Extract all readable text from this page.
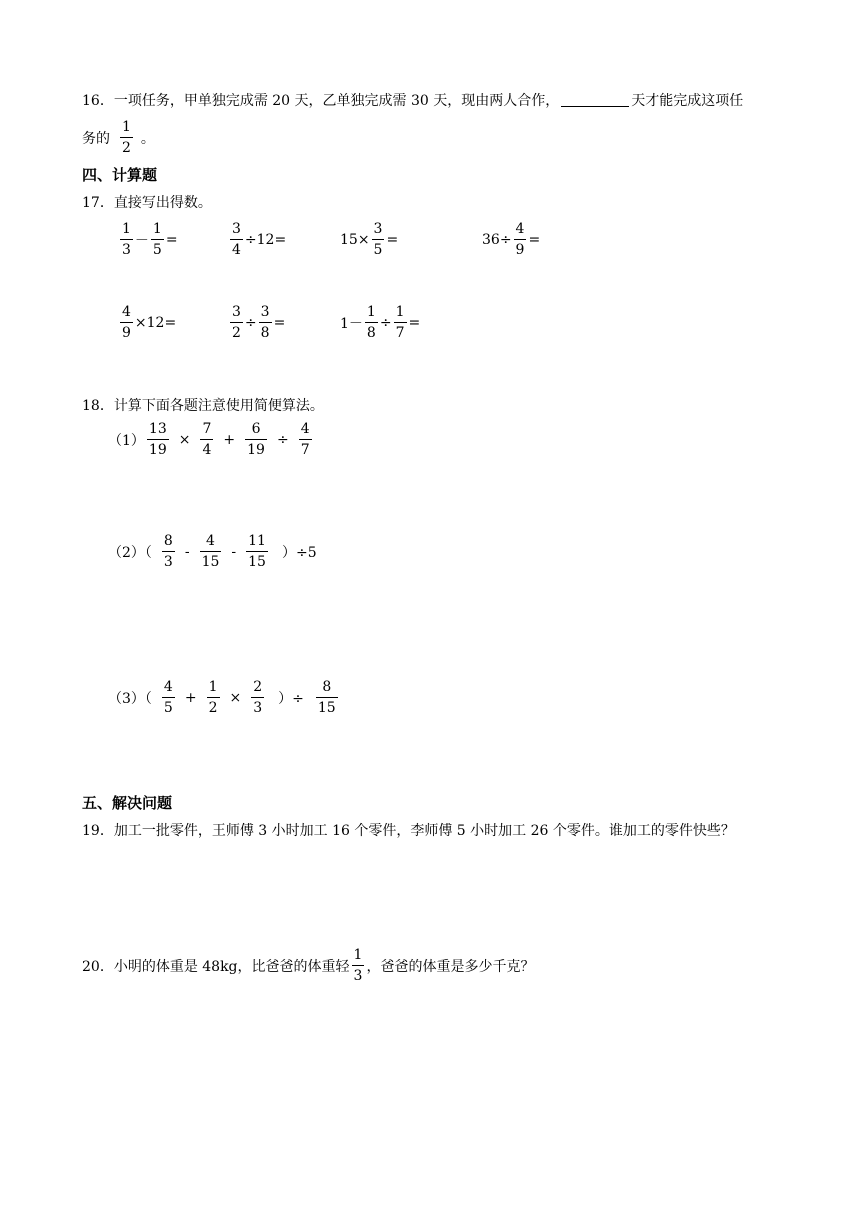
16．一项任务，甲单独完成需 20 天，乙单独完成需 30 天，现由两人合作，	天才能完成这项任
务的 $\frac{1}{2}$ 。
四、计算题
17．直接写出得数。
$\frac{1}{3} - \frac{1}{5}$ =	$\frac{3}{4} \div 12=$	$15\times \frac{3}{5}$ =	$36\div \frac{4}{9}$ =
$\frac{4}{9} \times 12=$	$\frac{3}{2} \div \frac{3}{8}$ =	$1- \frac{1}{8} \div \frac{1}{7}$ =
18．计算下面各题注意使用简便算法。
$(1) \frac{13}{19} \times \frac{7}{4} + \frac{6}{19} \div \frac{4}{7}$
$(2)( \frac{8}{3} - \frac{4}{15} - \frac{11}{15} )\div 5$
$(3)( \frac{4}{5} + \frac{1}{2} \times \frac{2}{3}$ ）÷ $\frac{8}{15}$
五、解决问题
19．加工一批零件，王师傅 3 小时加工 16 个零件，李师傅 5 小时加工 26 个零件。谁加工的零件快些？
20．小明的体重是 48kg，比爸爸的体重轻 $\frac{1}{3}$ ，爸爸的体重是多少千克？
